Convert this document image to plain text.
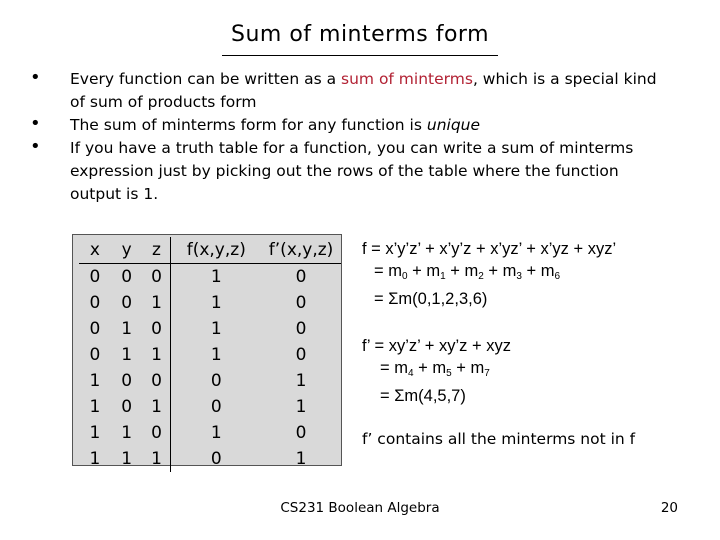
Sum of minterms form
• Every function can be written as a sum of minterms, which is a special kind of sum of products form
• The sum of minterms form for any function is unique
• If you have a truth table for a function, you can write a sum of minterms expression just by picking out the rows of the table where the function output is 1.
x	y	z	f(x,y,z)	f’(x,y,z)
0	0	0	1	0
0	0	1	1	0
0	1	0	1	0
0	1	1	1	0
1	0	0	0	1
1	0	1	0	1
1	1	0	1	0
1	1	1	0	1
f = x’y’z’ + x’y’z + x’yz’ + x’yz + xyz’
= $m_0 + m_1 + m_2 + m_3 + m_6$
= Σm(0,1,2,3,6)
f’ = xy’z’ + xy’z + xyz
= $m_4 + m_5 + m_7$
= Σm(4,5,7)
f’ contains all the minterms not in f
CS231 Boolean Algebra	20
